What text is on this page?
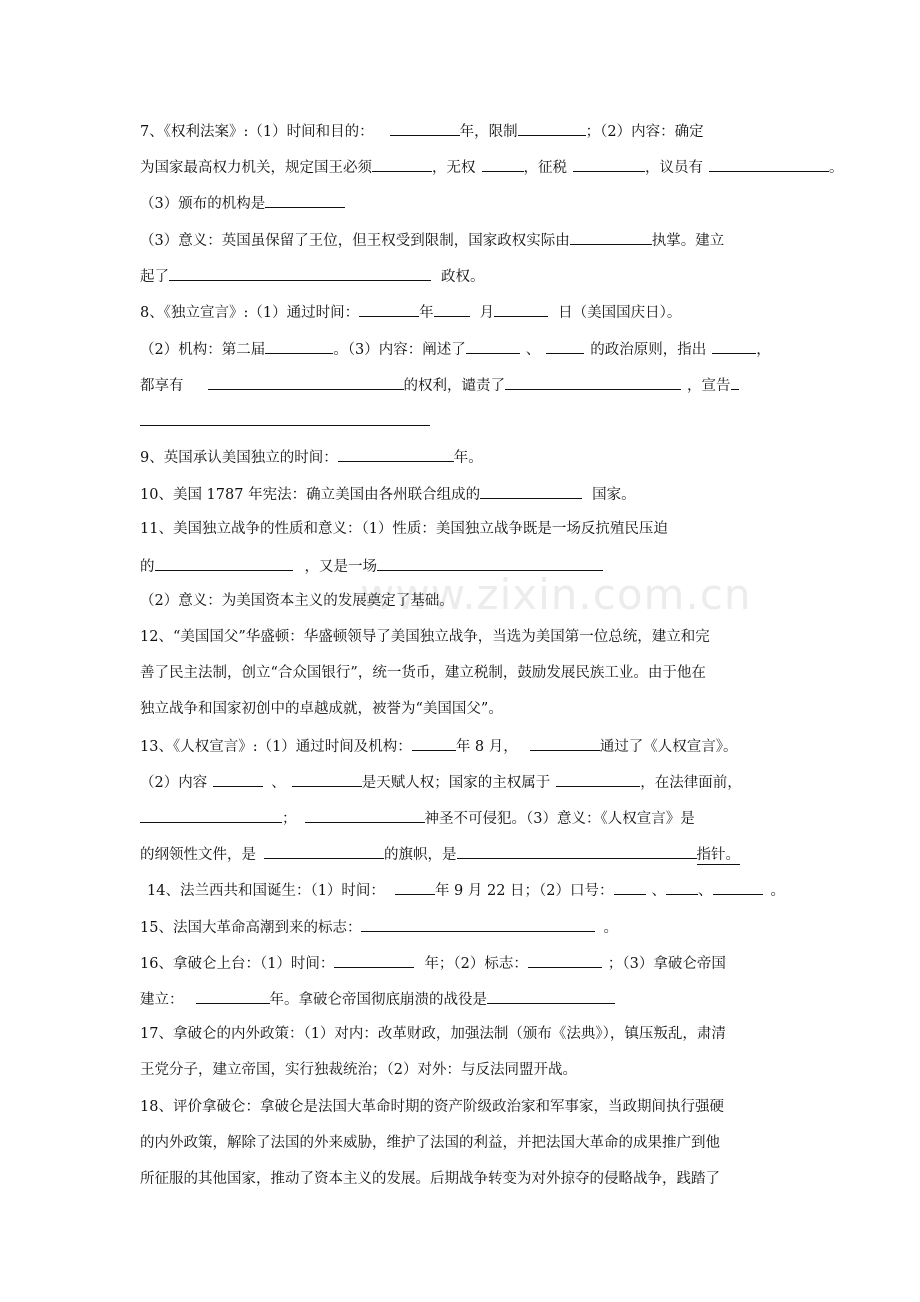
www.zixin.com.cn
7、《权利法案》:（1）时间和目的：	年，限制	；（2）内容：确定
为国家最高权力机关，规定国王必须	，无权	，征税	，议员有	。
（3）颁布的机构是
（3）意义：英国虽保留了王位，但王权受到限制，国家政权实际由	执掌。建立
起了	政权。
8、《独立宣言》:（1）通过时间：	年	月	日（美国国庆日）。
（2）机构：第二届	。（3）内容：阐述了	、	的政治原则，指出	，
都享有	的权利，谴责了	，宣告
9、英国承认美国独立的时间：	年。
10、美国 1787 年宪法：确立美国由各州联合组成的	国家。
11、美国独立战争的性质和意义：（1）性质：美国独立战争既是一场反抗殖民压迫
的	，又是一场
（2）意义：为美国资本主义的发展奠定了基础。
12、“美国国父”华盛顿：华盛顿领导了美国独立战争，当选为美国第一位总统，建立和完
善了民主法制，创立“合众国银行”，统一货币，建立税制，鼓励发展民族工业。由于他在
独立战争和国家初创中的卓越成就，被誉为“美国国父”。
13、《人权宣言》:（1）通过时间及机构：	年 8 月，	通过了《人权宣言》。
（2）内容	、	是天赋人权；国家的主权属于	，在法律面前，
；	神圣不可侵犯。（3）意义：《人权宣言》是
的纲领性文件，是	的旗帜，是	指针。
14、法兰西共和国诞生：（1）时间：	年 9 月 22 日；（2）口号：	、 、	。
15、法国大革命高潮到来的标志：	。
16、拿破仑上台：（1）时间：	年；（2）标志：	；（3）拿破仑帝国
建立：	年。拿破仑帝国彻底崩溃的战役是
17、拿破仑的内外政策：（1）对内：改革财政，加强法制（颁布《法典》），镇压叛乱，肃清
王党分子，建立帝国，实行独裁统治；（2）对外：与反法同盟开战。
18、评价拿破仑：拿破仑是法国大革命时期的资产阶级政治家和军事家，当政期间执行强硬
的内外政策，解除了法国的外来威胁，维护了法国的利益，并把法国大革命的成果推广到他
所征服的其他国家，推动了资本主义的发展。后期战争转变为对外掠夺的侵略战争，践踏了
